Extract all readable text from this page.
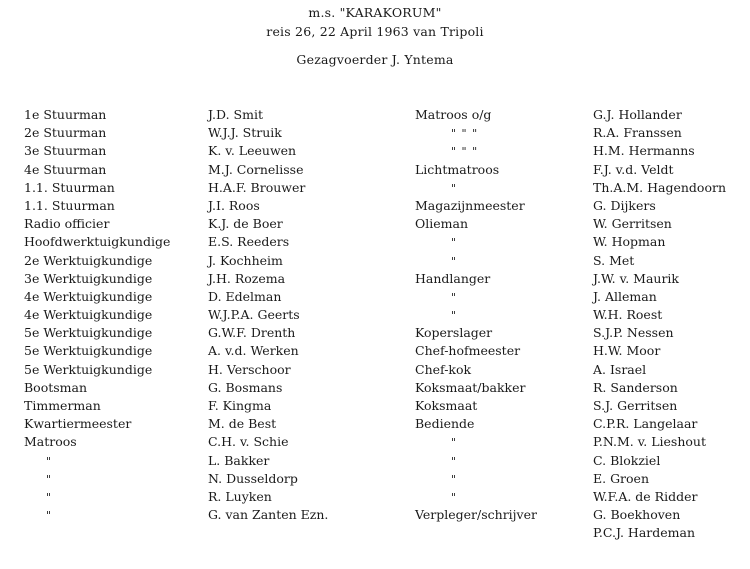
m.s. "KARAKORUM"
reis 26, 22 April 1963 van Tripoli
Gezagvoerder J. Yntema
1e Stuurman
2e Stuurman
3e Stuurman
4e Stuurman
1.1. Stuurman
1.1. Stuurman
Radio officier
Hoofdwerktuigkundige
2e Werktuigkundige
3e Werktuigkundige
4e Werktuigkundige
4e Werktuigkundige
5e Werktuigkundige
5e Werktuigkundige
5e Werktuigkundige
Bootsman
Timmerman
Kwartiermeester
Matroos
"
"
"
"
J.D. Smit
W.J.J. Struik
K. v. Leeuwen
M.J. Cornelisse
H.A.F. Brouwer
J.I. Roos
K.J. de Boer
E.S. Reeders
J. Kochheim
J.H. Rozema
D. Edelman
W.J.P.A. Geerts
G.W.F. Drenth
A. v.d. Werken
H. Verschoor
G. Bosmans
F. Kingma
M. de Best
C.H. v. Schie
L. Bakker
N. Dusseldorp
R. Luyken
G. van Zanten Ezn.
Matroos o/g
" " "
" " "
Lichtmatroos
"
Magazijnmeester
Olieman
"
"
Handlanger
"
"
Koperslager
Chef-hofmeester
Chef-kok
Koksmaat/bakker
Koksmaat
Bediende
"
"
"
"
Verpleger/schrijver
G.J. Hollander
R.A. Franssen
H.M. Hermanns
F.J. v.d. Veldt
Th.A.M. Hagendoorn
G. Dijkers
W. Gerritsen
W. Hopman
S. Met
J.W. v. Maurik
J. Alleman
W.H. Roest
S.J.P. Nessen
H.W. Moor
A. Israel
R. Sanderson
S.J. Gerritsen
C.P.R. Langelaar
P.N.M. v. Lieshout
C. Blokziel
E. Groen
W.F.A. de Ridder
G. Boekhoven
P.C.J. Hardeman
